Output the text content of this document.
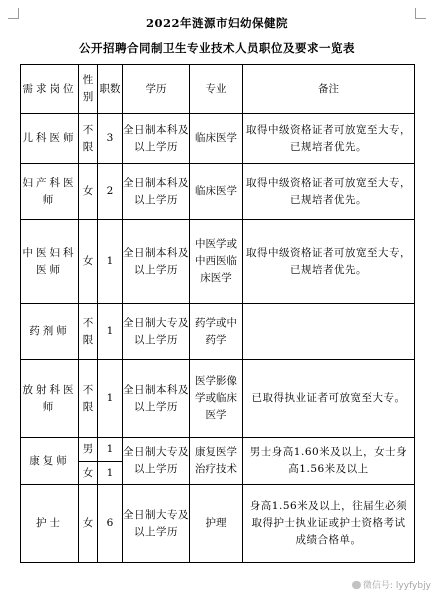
2022年涟源市妇幼保健院
公开招聘合同制卫生专业技术人员职位及要求一览表
需求岗位	性别	职数	学历	专业	备注
儿科医师	不限	3	全日制本科及以上学历	临床医学	取得中级资格证者可放宽至大专，已规培者优先。
妇产科医师	女	2	全日制本科及以上学历	临床医学	取得中级资格证者可放宽至大专，已规培者优先。
中医妇科医师	女	1	全日制本科及以上学历	中医学或中西医临床医学	取得中级资格证者可放宽至大专，已规培者优先。
药剂师	不限	1	全日制大专及以上学历	药学或中药学	
放射科医师	不限	1	全日制本科及以上学历	医学影像学或临床医学	已取得执业证者可放宽至大专。
康复师	男	1	全日制大专及以上学历	康复医学治疗技术	男士身高1.60米及以上，女士身高1.56米及以上
	女	1			
护士	女	6	全日制大专及以上学历	护理	身高1.56米及以上，往届生必须取得护士执业证或护士资格考试成绩合格单。
微信号: lyyfybjy
